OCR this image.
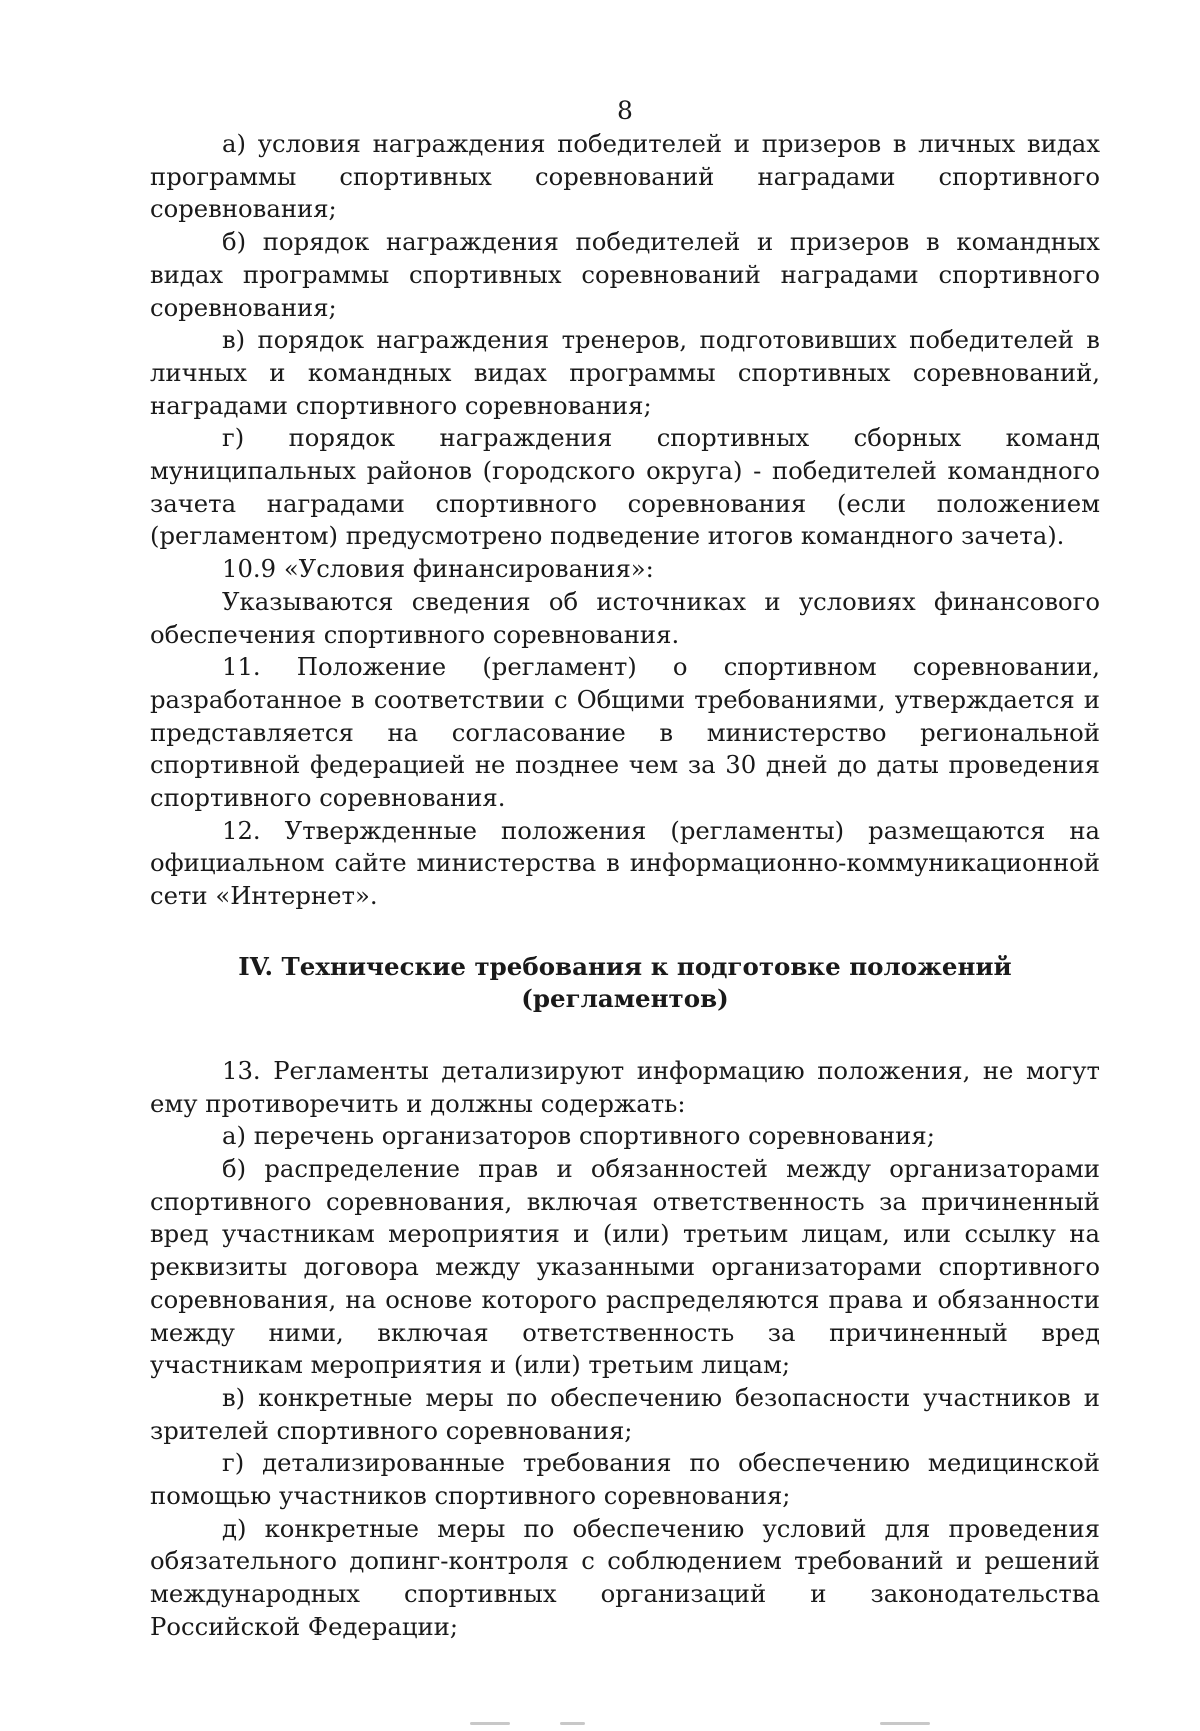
8

а) условия награждения победителей и призеров в личных видах программы спортивных соревнований наградами спортивного соревнования;

б) порядок награждения победителей и призеров в командных видах программы спортивных соревнований наградами спортивного соревнования;

в) порядок награждения тренеров, подготовивших победителей в личных и командных видах программы спортивных соревнований, наградами спортивного соревнования;

г) порядок награждения спортивных сборных команд муниципальных районов (городского округа) - победителей командного зачета наградами спортивного соревнования (если положением (регламентом) предусмотрено подведение итогов командного зачета).

10.9 «Условия финансирования»:

Указываются сведения об источниках и условиях финансового обеспечения спортивного соревнования.

11. Положение (регламент) о спортивном соревновании, разработанное в соответствии с Общими требованиями, утверждается и представляется на согласование в министерство региональной спортивной федерацией не позднее чем за 30 дней до даты проведения спортивного соревнования.

12. Утвержденные положения (регламенты) размещаются на официальном сайте министерства в информационно-коммуникационной сети «Интернет».

IV. Технические требования к подготовке положений (регламентов)

13. Регламенты детализируют информацию положения, не могут ему противоречить и должны содержать:

а) перечень организаторов спортивного соревнования;

б) распределение прав и обязанностей между организаторами спортивного соревнования, включая ответственность за причиненный вред участникам мероприятия и (или) третьим лицам, или ссылку на реквизиты договора между указанными организаторами спортивного соревнования, на основе которого распределяются права и обязанности между ними, включая ответственность за причиненный вред участникам мероприятия и (или) третьим лицам;

в) конкретные меры по обеспечению безопасности участников и зрителей спортивного соревнования;

г) детализированные требования по обеспечению медицинской помощью участников спортивного соревнования;

д) конкретные меры по обеспечению условий для проведения обязательного допинг-контроля с соблюдением требований и решений международных спортивных организаций и законодательства Российской Федерации;
